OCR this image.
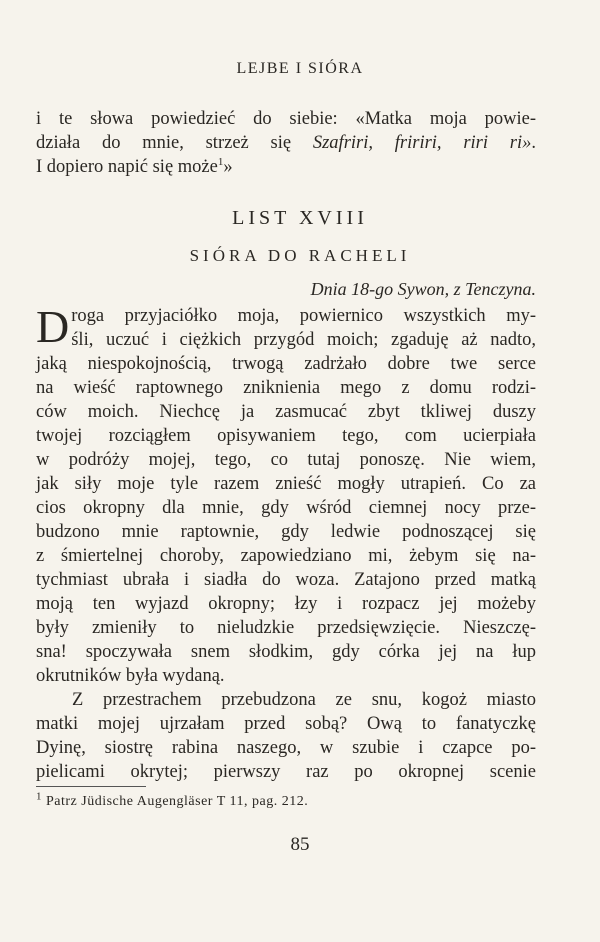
LEJBE I SIÓRA
i te słowa powiedzieć do siebie: «Matka moja powie-
działa do mnie, strzeż się Szafriri, fririri, riri ri».
I dopiero napić się może$^1$»
LIST XVIII
SIÓRA DO RACHELI
Dnia 18-go Sywon, z Tenczyna.
D roga przyjaciółko moja, powiernico wszystkich my-
śli, uczuć i ciężkich przygód moich; zgaduję aż nadto,
jaką niespokojnością, trwogą zadrżało dobre twe serce
na wieść raptownego zniknienia mego z domu rodzi-
ców moich. Niechcę ja zasmucać zbyt tkliwej duszy
twojej rozciągłem opisywaniem tego, com ucierpiała
w podróży mojej, tego, co tutaj ponoszę. Nie wiem,
jak siły moje tyle razem znieść mogły utrapień. Co za
cios okropny dla mnie, gdy wśród ciemnej nocy prze-
budzono mnie raptownie, gdy ledwie podnoszącej się
z śmiertelnej choroby, zapowiedziano mi, żebym się na-
tychmiast ubrała i siadła do woza. Zatajono przed matką
moją ten wyjazd okropny; łzy i rozpacz jej możeby
były zmieniły to nieludzkie przedsięwzięcie. Nieszczę-
sna! spoczywała snem słodkim, gdy córka jej na łup
okrutników była wydaną.
Z przestrachem przebudzona ze snu, kogoż miasto
matki mojej ujrzałam przed sobą? Ową to fanatyczkę
Dyinę, siostrę rabina naszego, w szubie i czapce po-
pielicami okrytej; pierwszy raz po okropnej scenie
$^1$ Patrz Jüdische Augengläser T 11, pag. 212.
85
